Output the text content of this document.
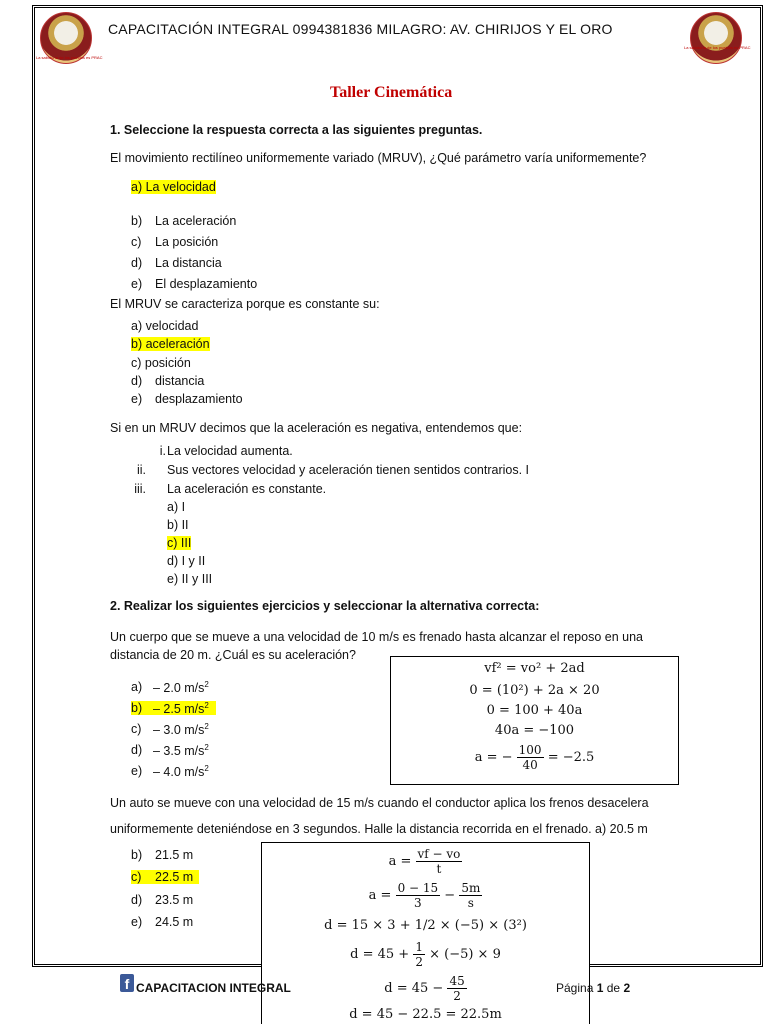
La sabiduría de los pueblos es PRAC
CAPACITACIÓN INTEGRAL 0994381836 MILAGRO: AV. CHIRIJOS Y EL ORO
La sabiduría de los pueblos es PRAC
Taller Cinemática
1. Seleccione la respuesta correcta a las siguientes preguntas.
El movimiento rectilíneo uniformemente variado (MRUV), ¿Qué parámetro varía uniformemente?
a) La velocidad
b) La aceleración
c) La posición
d) La distancia
e) El desplazamiento
El MRUV se caracteriza porque es constante su:
a) velocidad
b) aceleración
c) posición
d) distancia
e) desplazamiento
Si en un MRUV decimos que la aceleración es negativa, entendemos que:
i. La velocidad aumenta.
ii. Sus vectores velocidad y aceleración tienen sentidos contrarios. I
iii. La aceleración es constante.
a) I
b) II
c) III
d) I y II
e) II y III
2. Realizar los siguientes ejercicios y seleccionar la alternativa correcta:
Un cuerpo que se mueve a una velocidad de 10 m/s es frenado hasta alcanzar el reposo en una
distancia de 20 m. ¿Cuál es su aceleración?
a) – 2.0 $m/s^2$
b) – 2.5 $m/s^2$
c) – 3.0 $m/s^2$
d) – 3.5 $m/s^2$
e) – 4.0 $m/s^2$
vf² = vo² + 2ad
0 = (10²) + 2a × 20
0 = 100 + 40a
40a = −100
a = − $\frac{100}{40} = -2.5$
Un auto se mueve con una velocidad de 15 m/s cuando el conductor aplica los frenos desacelera
uniformemente deteniéndose en 3 segundos. Halle la distancia recorrida en el frenado. a) 20.5 m
b) 21.5 m
c) 22.5 m
d) 23.5 m
e) 24.5 m
$a = \frac{vf - vo}{t}$
$a = \frac{0 - 15}{3} - \frac{5m}{s}$
d = 15 × 3 + 1/2 × (−5) × (3²)
$d = 45 + \frac{1}{2} \times (-5) \times 9$
$d = 45 - \frac{45}{2}$
d = 45 − 22.5 = 22.5m
f CAPACITACION INTEGRAL	Página 1 de 2
